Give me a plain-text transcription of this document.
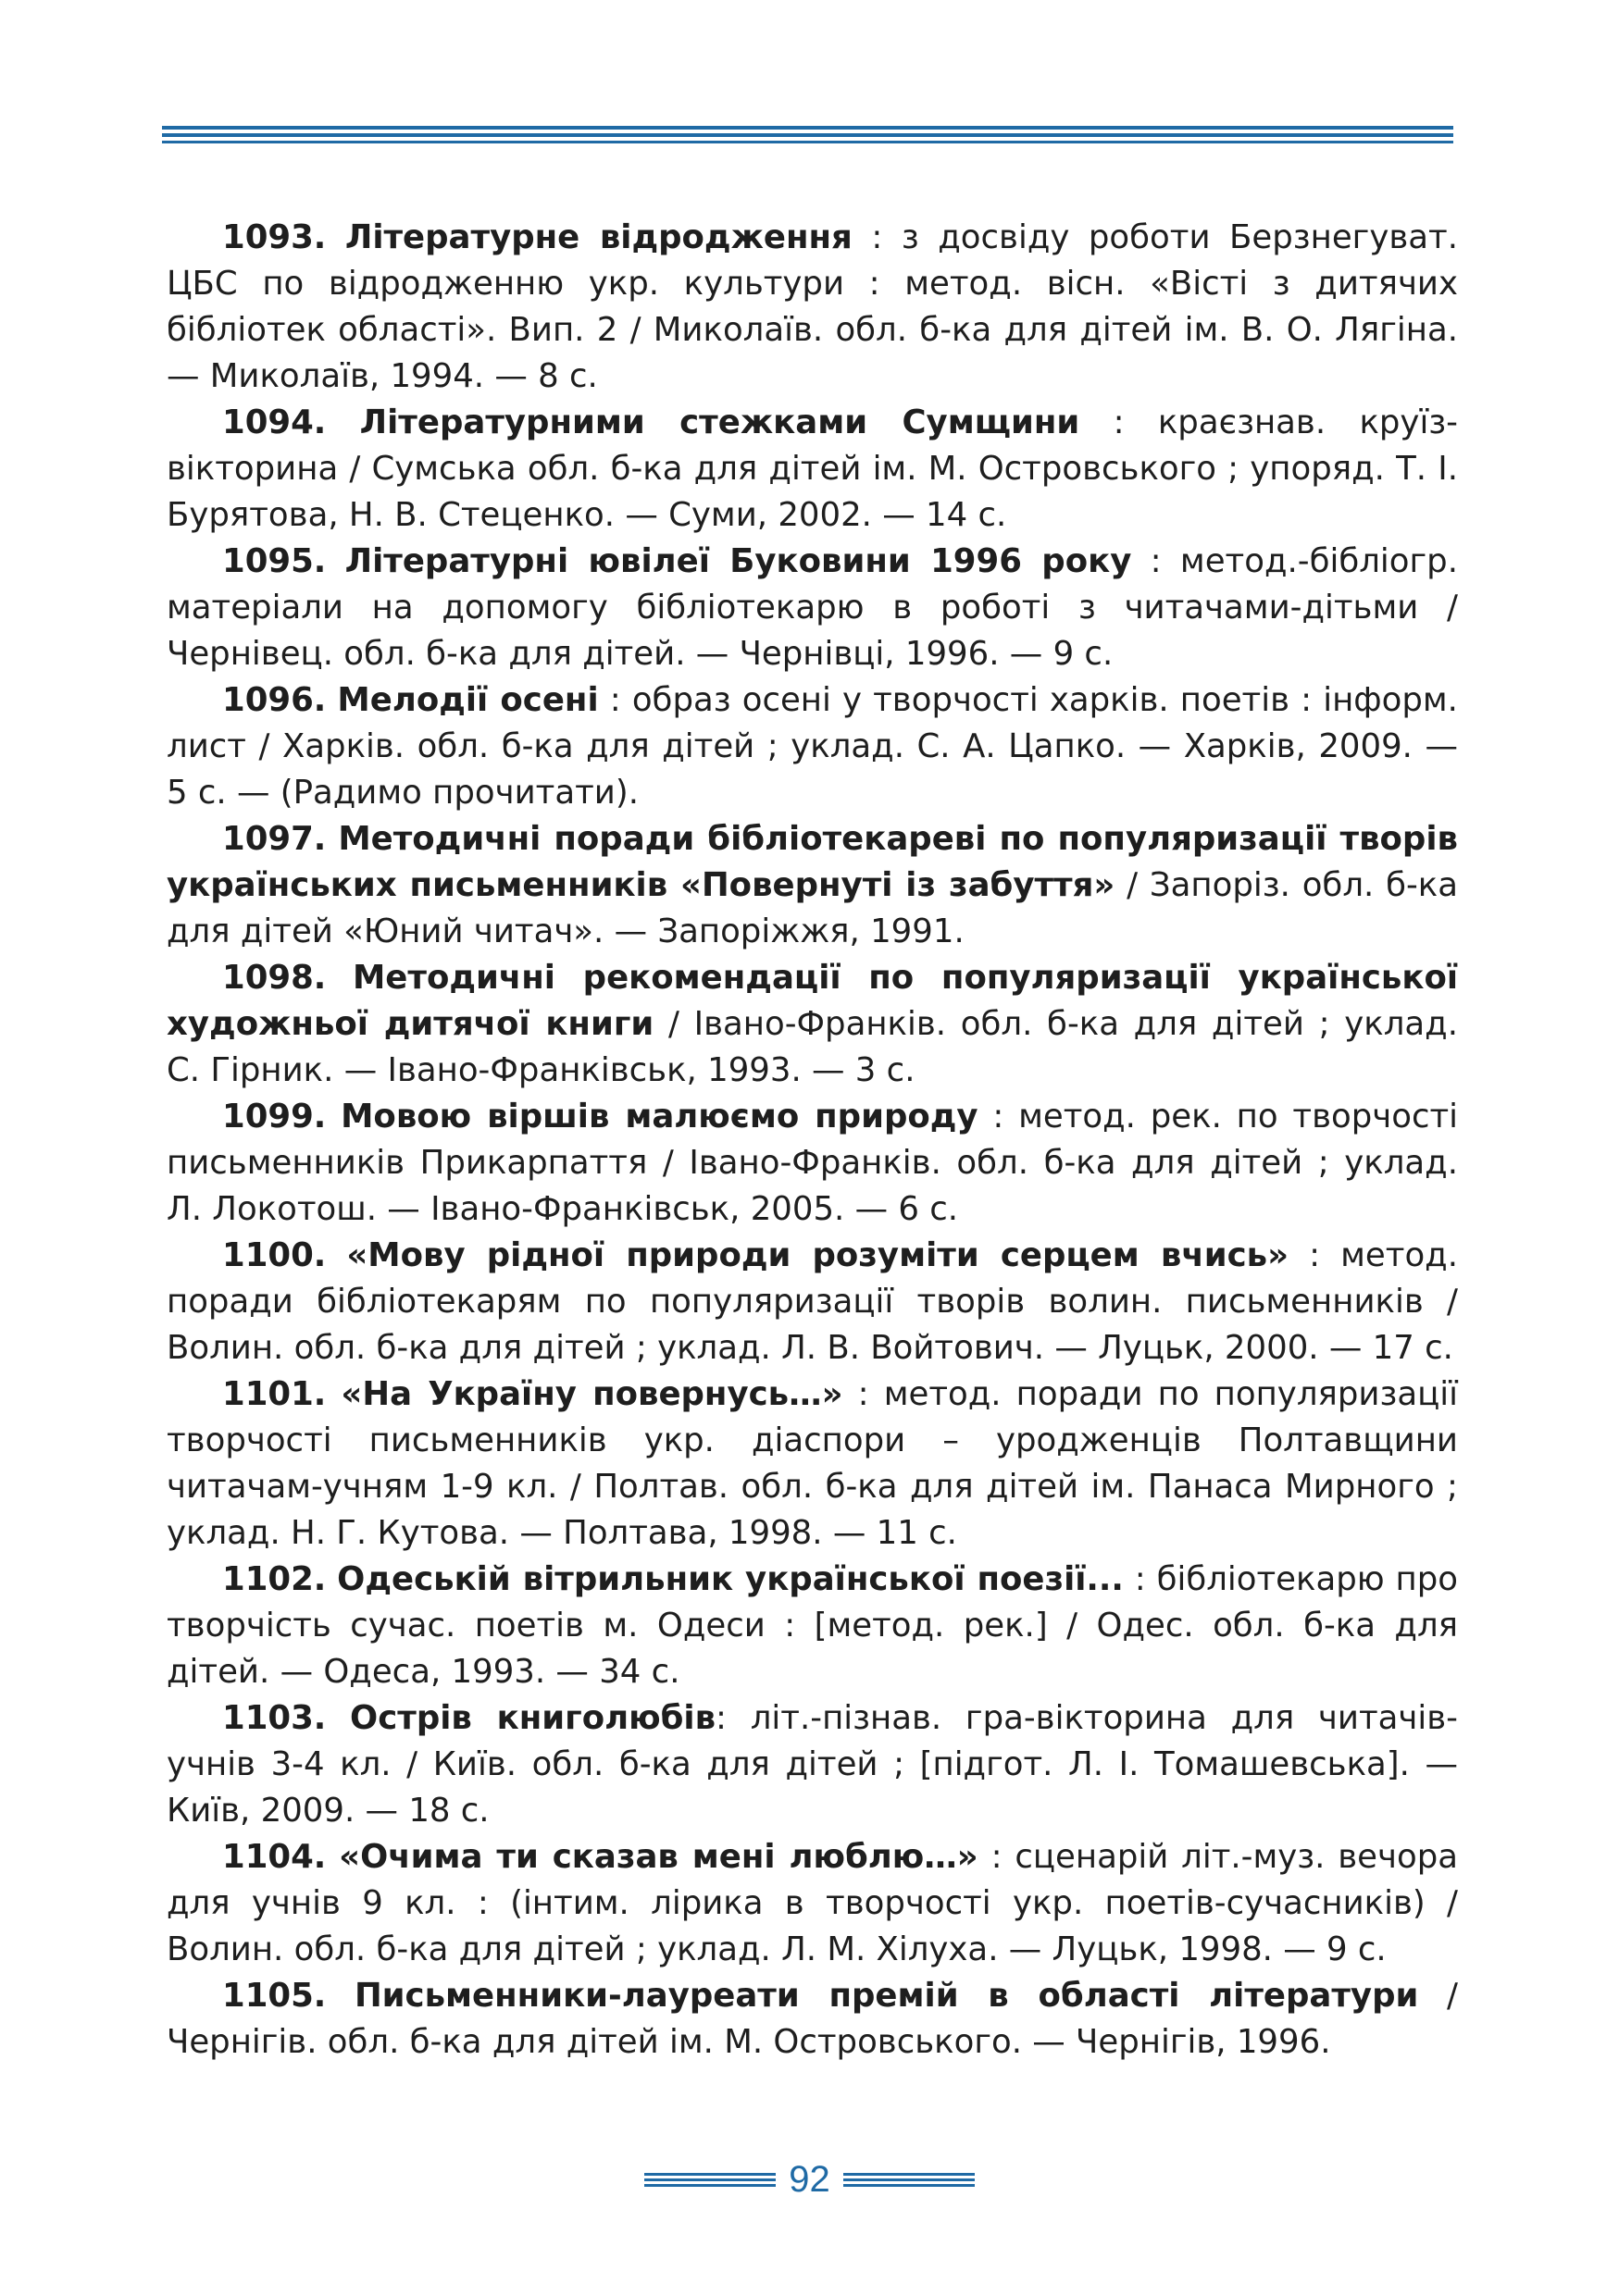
1093. Літературне відродження : з досвіду роботи Берзнегуват. ЦБС по відродженню укр. культури : метод. вісн. «Вісті з дитячих бібліотек області». Вип. 2 / Миколаїв. обл. б-ка для дітей ім. В. О. Лягіна. — Миколаїв, 1994. — 8 с.

1094. Літературними стежками Сумщини : краєзнав. круїз-вікторина / Сумська обл. б-ка для дітей ім. М. Островського ; упоряд. Т. І. Бурятова, Н. В. Стеценко. — Суми, 2002. — 14 с.

1095. Літературні ювілеї Буковини 1996 року : метод.-бібліогр. матеріали на допомогу бібліотекарю в роботі з читачами-дітьми / Чернівец. обл. б-ка для дітей. — Чернівці, 1996. — 9 с.

1096. Мелодії осені : образ осені у творчості харків. поетів : інформ. лист / Харків. обл. б-ка для дітей ; уклад. С. А. Цапко. — Харків, 2009. — 5 с. — (Радимо прочитати).

1097. Методичні поради бібліотекареві по популяризації творів українських письменників «Повернуті із забуття» / Запоріз. обл. б-ка для дітей «Юний читач». — Запоріжжя, 1991.

1098. Методичні рекомендації по популяризації української художньої дитячої книги / Івано-Франків. обл. б-ка для дітей ; уклад. С. Гірник. — Івано-Франківськ, 1993. — 3 с.

1099. Мовою віршів малюємо природу : метод. рек. по творчості письменників Прикарпаття / Івано-Франків. обл. б-ка для дітей ; уклад. Л. Локотош. — Івано-Франківськ, 2005. — 6 с.

1100. «Мову рідної природи розуміти серцем вчись» : метод. поради бібліотекарям по популяризації творів волин. письменників / Волин. обл. б-ка для дітей ; уклад. Л. В. Войтович. — Луцьк, 2000. — 17 с.

1101. «На Україну повернусь…» : метод. поради по популяризації творчості письменників укр. діаспори – уродженців Полтавщини читачам-учням 1-9 кл. / Полтав. обл. б-ка для дітей ім. Панаса Мирного ; уклад. Н. Г. Кутова. — Полтава, 1998. — 11 с.

1102. Одеській вітрильник української поезії... : бібліотекарю про творчість сучас. поетів м. Одеси : [метод. рек.] / Одес. обл. б-ка для дітей. — Одеса, 1993. — 34 с.

1103. Острів книголюбів: літ.-пізнав. гра-вікторина для читачів-учнів 3-4 кл. / Київ. обл. б-ка для дітей ; [підгот. Л. І. Томашевська]. — Київ, 2009. — 18 с.

1104. «Очима ти сказав мені люблю…» : сценарій літ.-муз. вечора для учнів 9 кл. : (інтим. лірика в творчості укр. поетів-сучасників) / Волин. обл. б-ка для дітей ; уклад. Л. М. Хілуха. — Луцьк, 1998. — 9 с.

1105. Письменники-лауреати премій в області літератури / Чернігів. обл. б-ка для дітей ім. М. Островського. — Чернігів, 1996.

92
